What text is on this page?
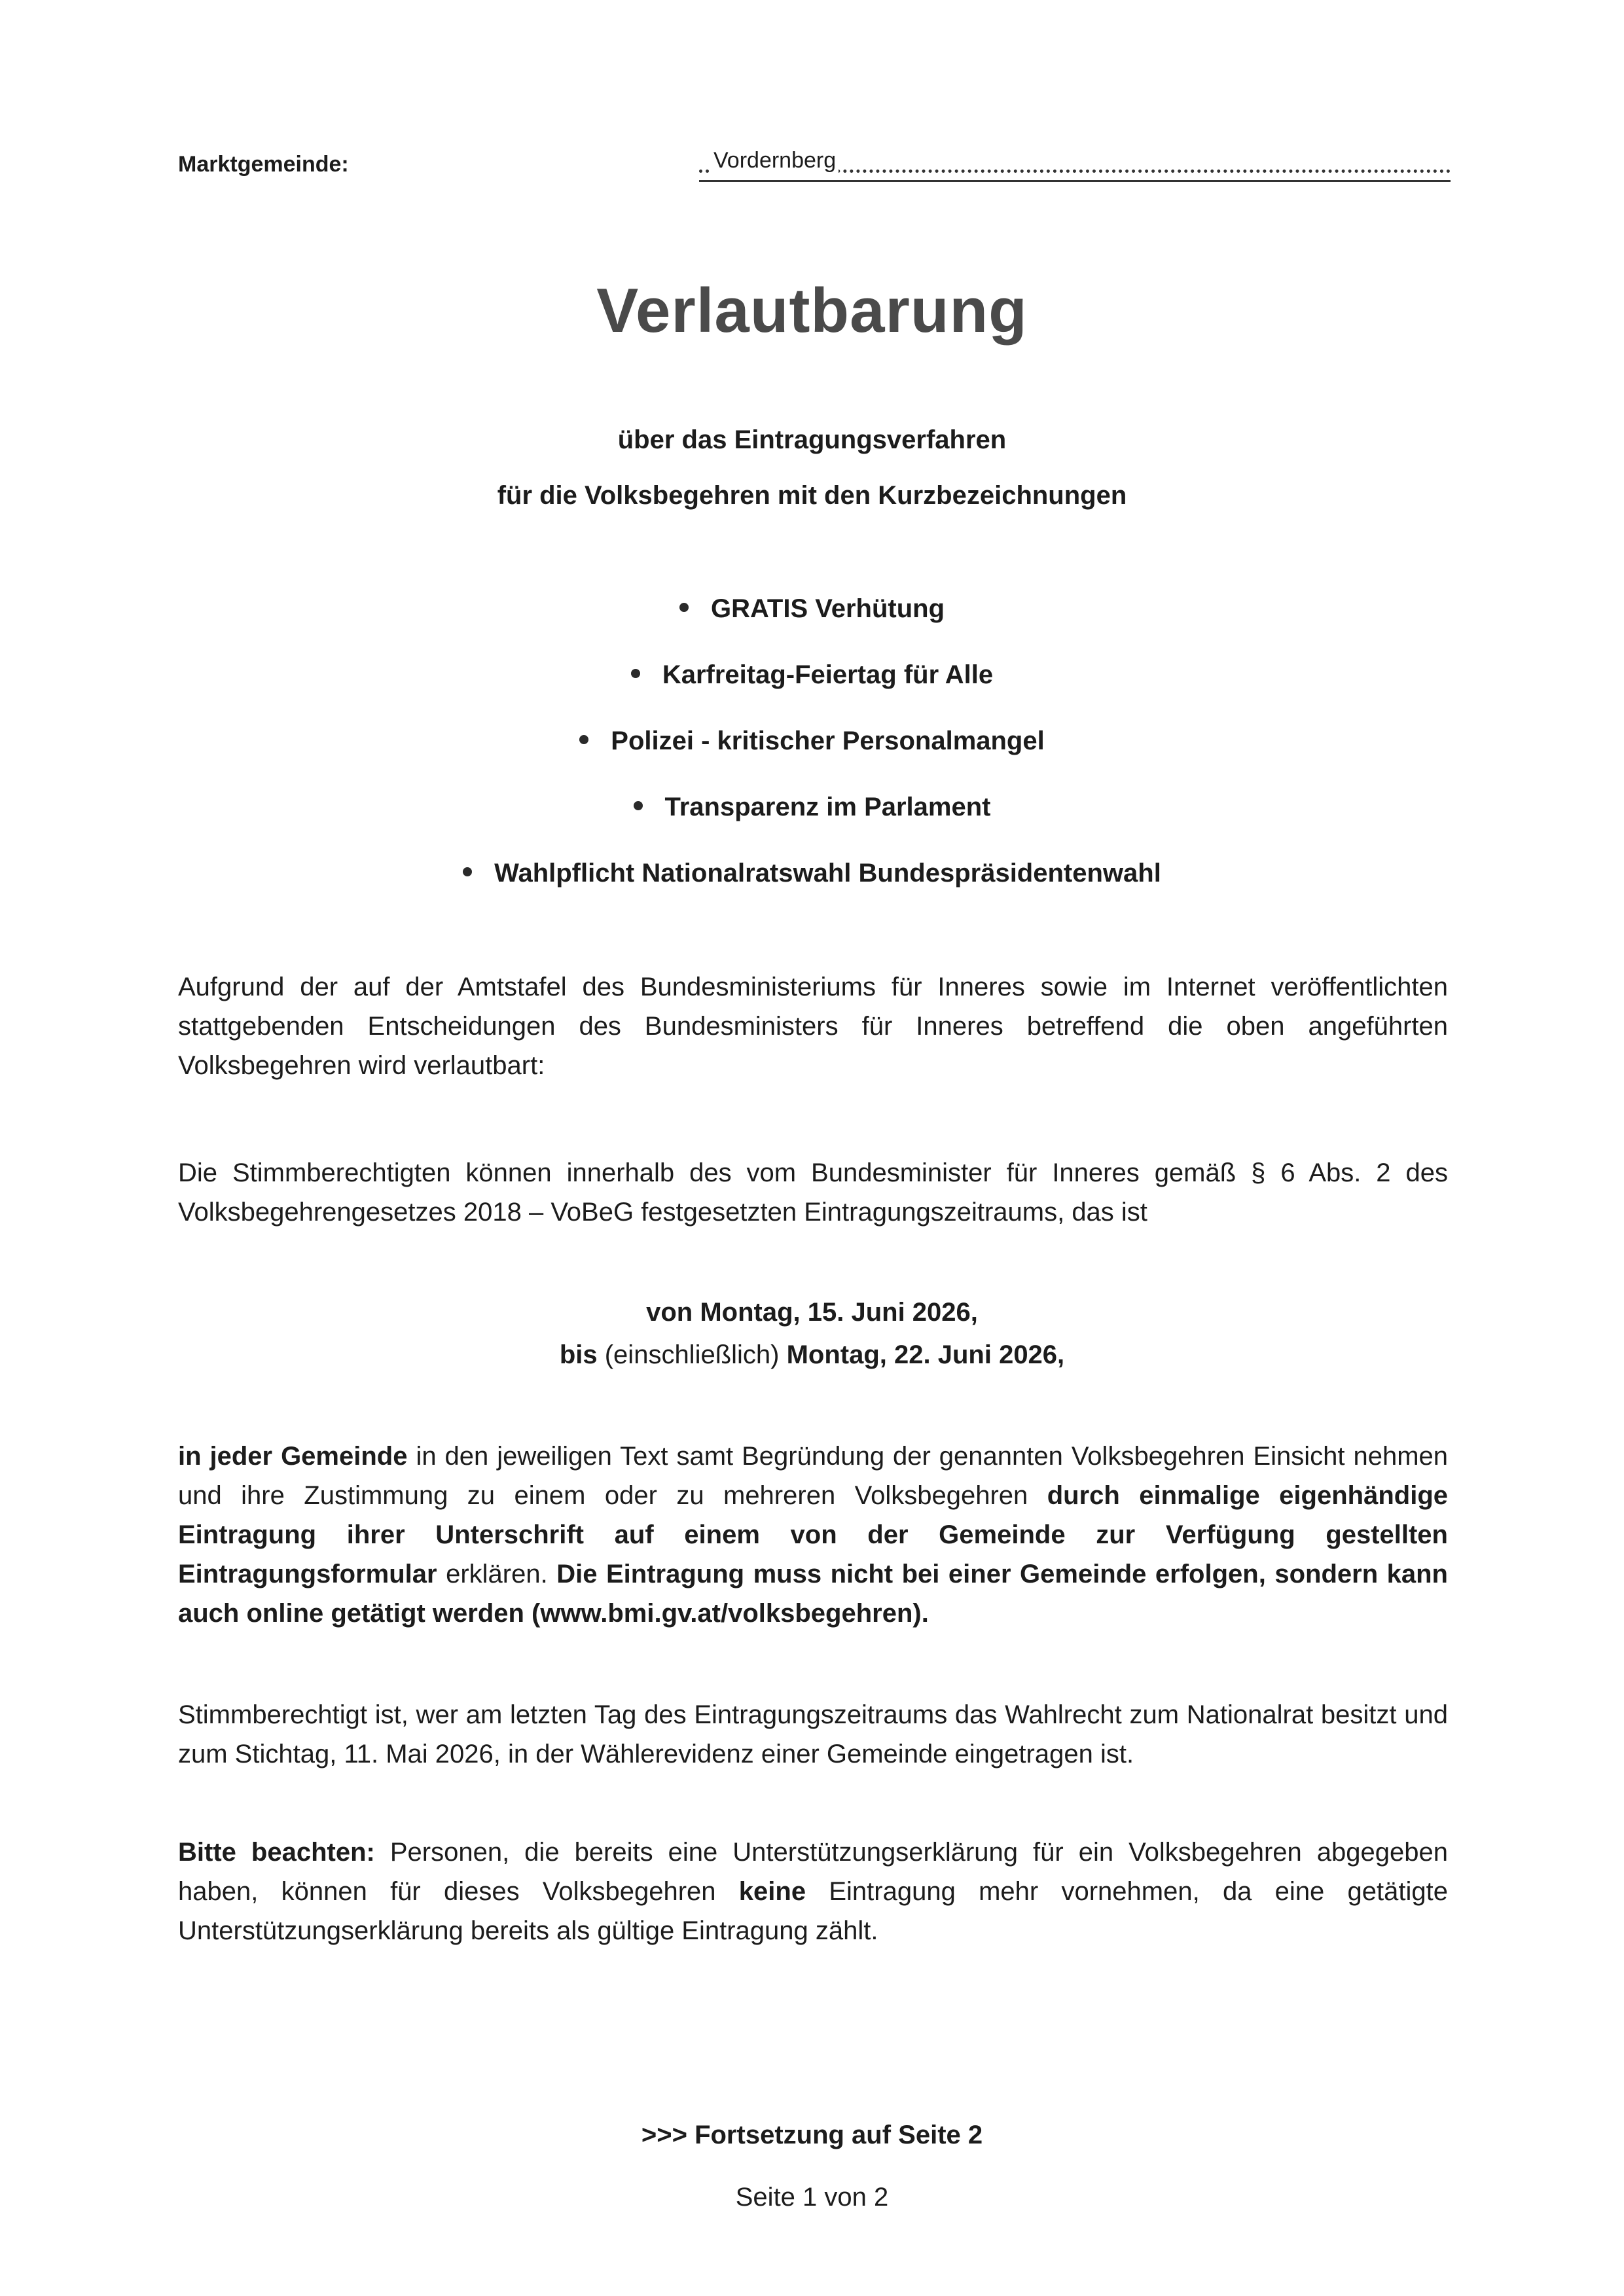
Marktgemeinde:	Vordernberg
Verlautbarung
über das Eintragungsverfahren
für die Volksbegehren mit den Kurzbezeichnungen
GRATIS Verhütung
Karfreitag-Feiertag für Alle
Polizei - kritischer Personalmangel
Transparenz im Parlament
Wahlpflicht Nationalratswahl Bundespräsidentenwahl

Aufgrund der auf der Amtstafel des Bundesministeriums für Inneres sowie im Internet veröffentlichten stattgebenden Entscheidungen des Bundesministers für Inneres betreffend die oben angeführten Volksbegehren wird verlautbart:

Die Stimmberechtigten können innerhalb des vom Bundesminister für Inneres gemäß § 6 Abs. 2 des Volksbegehrengesetzes 2018 – VoBeG festgesetzten Eintragungszeitraums, das ist

von Montag, 15. Juni 2026,
bis (einschließlich) Montag, 22. Juni 2026,

in jeder Gemeinde in den jeweiligen Text samt Begründung der genannten Volksbegehren Einsicht nehmen und ihre Zustimmung zu einem oder zu mehreren Volksbegehren durch einmalige eigenhändige Eintragung ihrer Unterschrift auf einem von der Gemeinde zur Verfügung gestellten Eintragungsformular erklären. Die Eintragung muss nicht bei einer Gemeinde erfolgen, sondern kann auch online getätigt werden (www.bmi.gv.at/volksbegehren).

Stimmberechtigt ist, wer am letzten Tag des Eintragungszeitraums das Wahlrecht zum Nationalrat besitzt und zum Stichtag, 11. Mai 2026, in der Wählerevidenz einer Gemeinde eingetragen ist.

Bitte beachten: Personen, die bereits eine Unterstützungserklärung für ein Volksbegehren abgegeben haben, können für dieses Volksbegehren keine Eintragung mehr vornehmen, da eine getätigte Unterstützungserklärung bereits als gültige Eintragung zählt.

>>> Fortsetzung auf Seite 2
Seite 1 von 2
